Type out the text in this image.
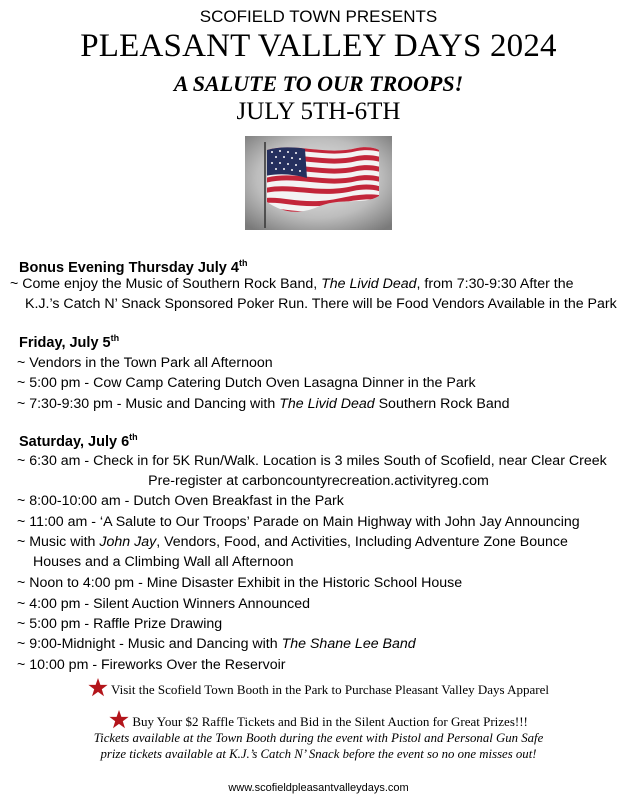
SCOFIELD TOWN PRESENTS
PLEASANT VALLEY DAYS 2024
A SALUTE TO OUR TROOPS!
JULY 5TH-6TH
Bonus Evening Thursday July 4th
~ Come enjoy the Music of Southern Rock Band, The Livid Dead, from 7:30-9:30 After the
K.J.’s Catch N’ Snack Sponsored Poker Run. There will be Food Vendors Available in the Park
Friday, July 5th
~ Vendors in the Town Park all Afternoon
~ 5:00 pm - Cow Camp Catering Dutch Oven Lasagna Dinner in the Park
~ 7:30-9:30 pm - Music and Dancing with The Livid Dead Southern Rock Band
Saturday, July 6th
~ 6:30 am - Check in for 5K Run/Walk. Location is 3 miles South of Scofield, near Clear Creek
Pre-register at carboncountyrecreation.activityreg.com
~ 8:00-10:00 am - Dutch Oven Breakfast in the Park
~ 11:00 am - ‘A Salute to Our Troops’ Parade on Main Highway with John Jay Announcing
~ Music with John Jay, Vendors, Food, and Activities, Including Adventure Zone Bounce
Houses and a Climbing Wall all Afternoon
~ Noon to 4:00 pm - Mine Disaster Exhibit in the Historic School House
~ 4:00 pm - Silent Auction Winners Announced
~ 5:00 pm - Raffle Prize Drawing
~ 9:00-Midnight - Music and Dancing with The Shane Lee Band
~ 10:00 pm - Fireworks Over the Reservoir
Visit the Scofield Town Booth in the Park to Purchase Pleasant Valley Days Apparel
Buy Your $2 Raffle Tickets and Bid in the Silent Auction for Great Prizes!!!
Tickets available at the Town Booth during the event with Pistol and Personal Gun Safe
prize tickets available at K.J.’s Catch N’ Snack before the event so no one misses out!
www.scofieldpleasantvalleydays.com
